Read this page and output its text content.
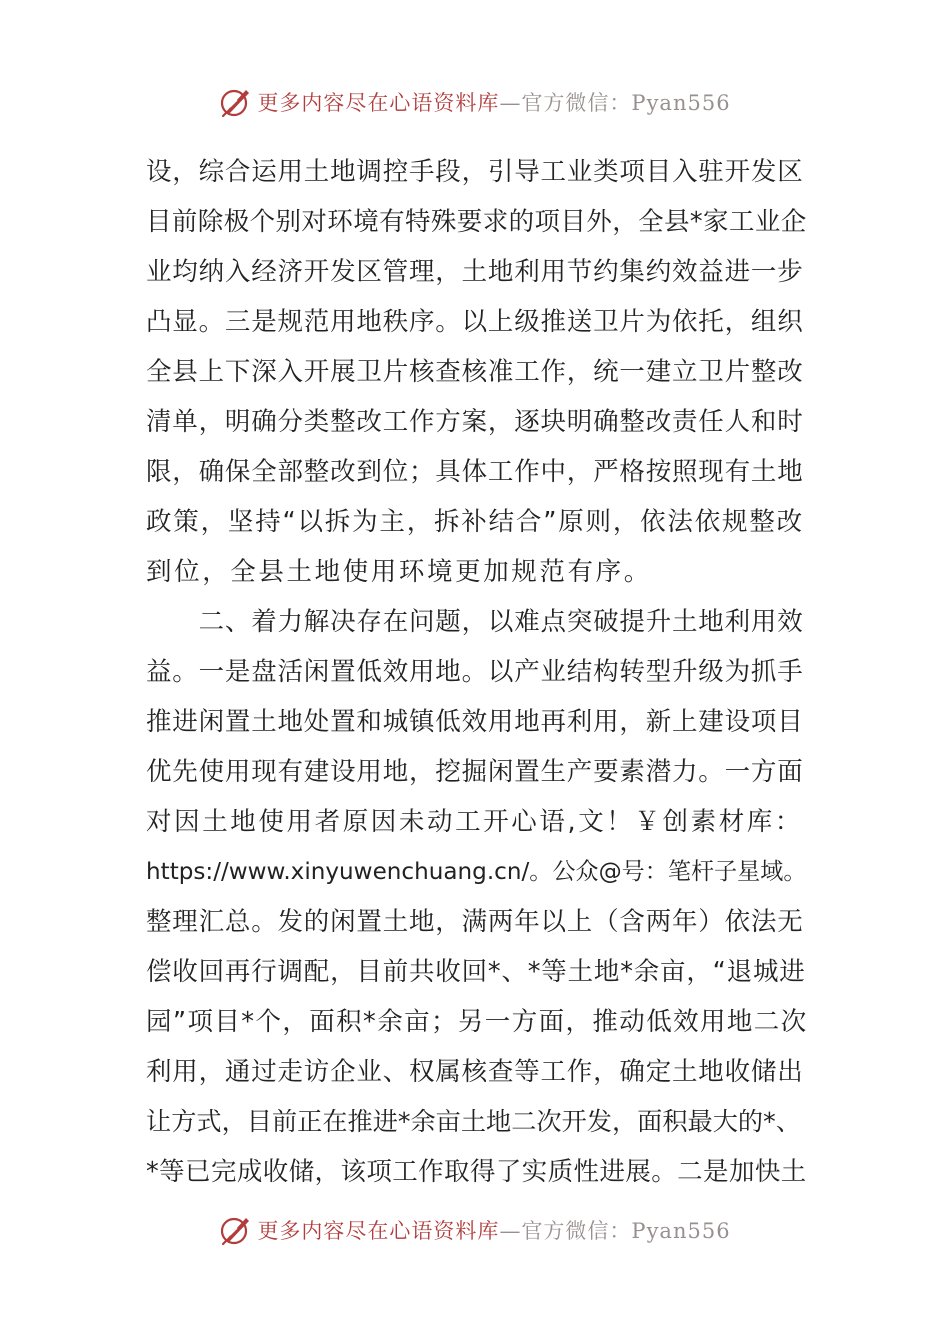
更多内容尽在心语资料库—官方微信：Pyan556
设，综合运用土地调控手段，引导工业类项目入驻开发区
目前除极个别对环境有特殊要求的项目外，全县*家工业企
业均纳入经济开发区管理，土地利用节约集约效益进一步
凸显。三是规范用地秩序。以上级推送卫片为依托，组织
全县上下深入开展卫片核查核准工作，统一建立卫片整改
清单，明确分类整改工作方案，逐块明确整改责任人和时
限，确保全部整改到位；具体工作中，严格按照现有土地
政策，坚持“以拆为主，拆补结合”原则，依法依规整改
到位，全县土地使用环境更加规范有序。
　　二、着力解决存在问题，以难点突破提升土地利用效
益。一是盘活闲置低效用地。以产业结构转型升级为抓手
推进闲置土地处置和城镇低效用地再利用，新上建设项目
优先使用现有建设用地，挖掘闲置生产要素潜力。一方面
对因土地使用者原因未动工开心语,文！￥创素材库：
https://www.xinyuwenchuang.cn/。公众@号：笔杆子星域。
整理汇总。发的闲置土地，满两年以上（含两年）依法无
偿收回再行调配，目前共收回*、*等土地*余亩，“退城进
园”项目*个，面积*余亩；另一方面，推动低效用地二次
利用，通过走访企业、权属核查等工作，确定土地收储出
让方式，目前正在推进*余亩土地二次开发，面积最大的*、
*等已完成收储，该项工作取得了实质性进展。二是加快土
更多内容尽在心语资料库—官方微信：Pyan556
